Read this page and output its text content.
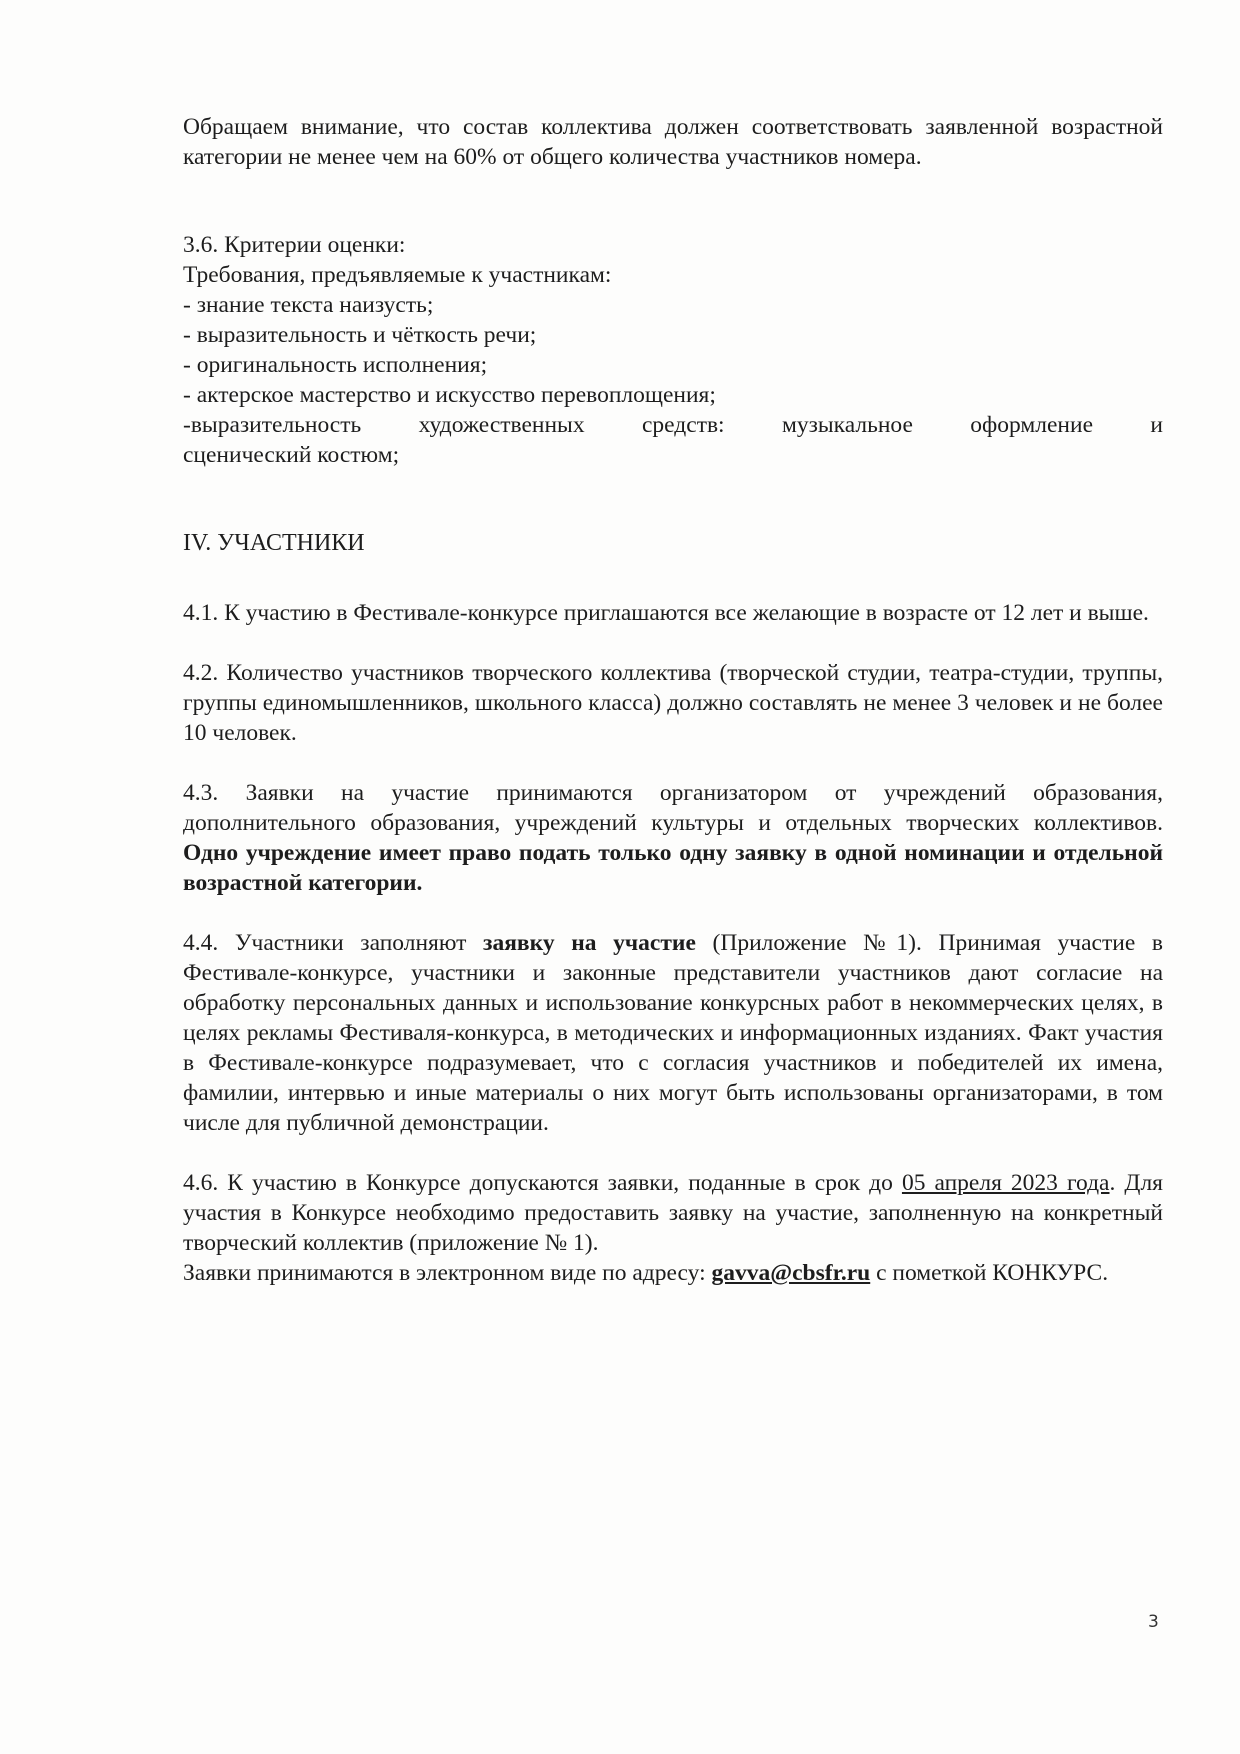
Обращаем внимание, что состав коллектива должен соответствовать заявленной возрастной категории не менее чем на 60% от общего количества участников номера.

3.6. Критерии оценки:

Требования, предъявляемые к участникам:

- знание текста наизусть;

- выразительность и чёткость речи;

- оригинальность исполнения;

- актерское мастерство и искусство перевоплощения;

-выразительность художественных средств: музыкальное оформление и

сценический костюм;

IV. УЧАСТНИКИ

4.1. К участию в Фестивале-конкурсе приглашаются все желающие в возрасте от 12 лет и выше.

4.2. Количество участников творческого коллектива (творческой студии, театра-студии, труппы, группы единомышленников, школьного класса) должно составлять не менее 3 человек и не более 10 человек.

4.3. Заявки на участие принимаются организатором от учреждений образования, дополнительного образования, учреждений культуры и отдельных творческих коллективов. Одно учреждение имеет право подать только одну заявку в одной номинации и отдельной возрастной категории.

4.4. Участники заполняют заявку на участие (Приложение №1). Принимая участие в Фестивале-конкурсе, участники и законные представители участников дают согласие на обработку персональных данных и использование конкурсных работ в некоммерческих целях, в целях рекламы Фестиваля-конкурса, в методических и информационных изданиях. Факт участия в Фестивале-конкурсе подразумевает, что с согласия участников и победителей их имена, фамилии, интервью и иные материалы о них могут быть использованы организаторами, в том числе для публичной демонстрации.

4.6. К участию в Конкурсе допускаются заявки, поданные в срок до 05 апреля 2023 года. Для участия в Конкурсе необходимо предоставить заявку на участие, заполненную на конкретный творческий коллектив (приложение № 1).

Заявки принимаются в электронном виде по адресу: gavva@cbsfr.ru с пометкой КОНКУРС.

3
